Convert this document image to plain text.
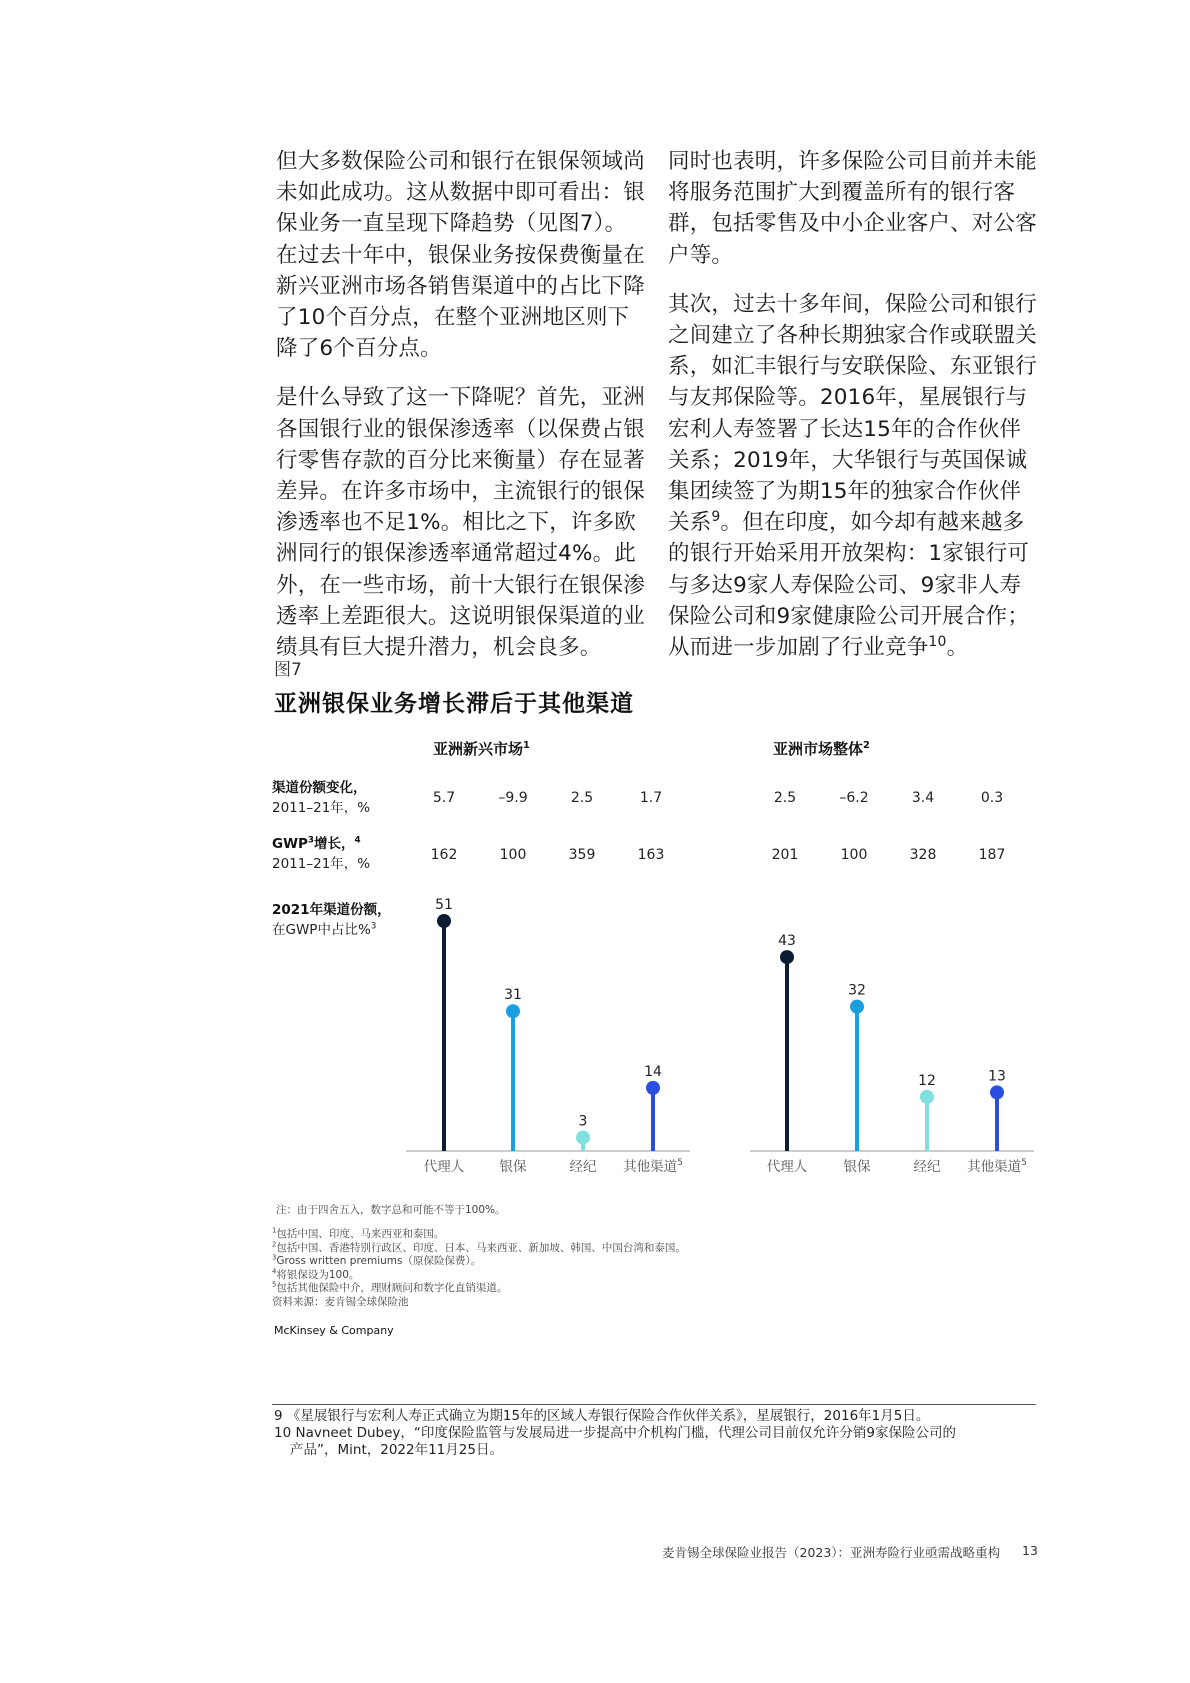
但大多数保险公司和银行在银保领域尚未如此成功。这从数据中即可看出：银保业务一直呈现下降趋势（见图7）。在过去十年中，银保业务按保费衡量在新兴亚洲市场各销售渠道中的占比下降了10个百分点，在整个亚洲地区则下降了6个百分点。

是什么导致了这一下降呢？首先，亚洲各国银行业的银保渗透率（以保费占银行零售存款的百分比来衡量）存在显著差异。在许多市场中，主流银行的银保渗透率也不足1%。相比之下，许多欧洲同行的银保渗透率通常超过4%。此外，在一些市场，前十大银行在银保渗透率上差距很大。这说明银保渠道的业绩具有巨大提升潜力，机会良多。

同时也表明，许多保险公司目前并未能将服务范围扩大到覆盖所有的银行客群，包括零售及中小企业客户、对公客户等。

其次，过去十多年间，保险公司和银行之间建立了各种长期独家合作或联盟关系，如汇丰银行与安联保险、东亚银行与友邦保险等。2016年，星展银行与宏利人寿签署了长达15年的合作伙伴关系；2019年，大华银行与英国保诚集团续签了为期15年的独家合作伙伴关系$^9$。但在印度，如今却有越来越多的银行开始采用开放架构：1家银行可与多达9家人寿保险公司、9家非人寿保险公司和9家健康险公司开展合作；从而进一步加剧了行业竞争$^{10}$。

图7
亚洲银保业务增长滞后于其他渠道
亚洲新兴市场$^1$	亚洲市场整体$^2$
渠道份额变化，
2011–21年，%
GWP$^3$增长，$^4$
2011–21年，%
2021年渠道份额，
在GWP中占比%$^3$
5.7	–9.9	2.5	1.7
162	100	359	163
2.5	–6.2	3.4	0.3
201	100	328	187
51
代理人
31
银保
3
经纪
14
其他渠道$^5$
43
代理人
32
银保
12
经纪
13
其他渠道$^5$
注：由于四舍五入，数字总和可能不等于100%。
$^1$包括中国、印度、马来西亚和泰国。
$^2$包括中国、香港特别行政区、印度、日本、马来西亚、新加坡、韩国、中国台湾和泰国。
$^3$Gross written premiums（原保险保费）。
$^4$将银保设为100。
$^5$包括其他保险中介，理财顾问和数字化直销渠道。
资料来源：麦肯锡全球保险池
McKinsey & Company
9 《星展银行与宏利人寿正式确立为期15年的区域人寿银行保险合作伙伴关系》，星展银行，2016年1月5日。
10 Navneet Dubey，“印度保险监管与发展局进一步提高中介机构门槛，代理公司目前仅允许分销9家保险公司的
产品”，Mint，2022年11月25日。
麦肯锡全球保险业报告（2023）：亚洲寿险行业亟需战略重构 13
